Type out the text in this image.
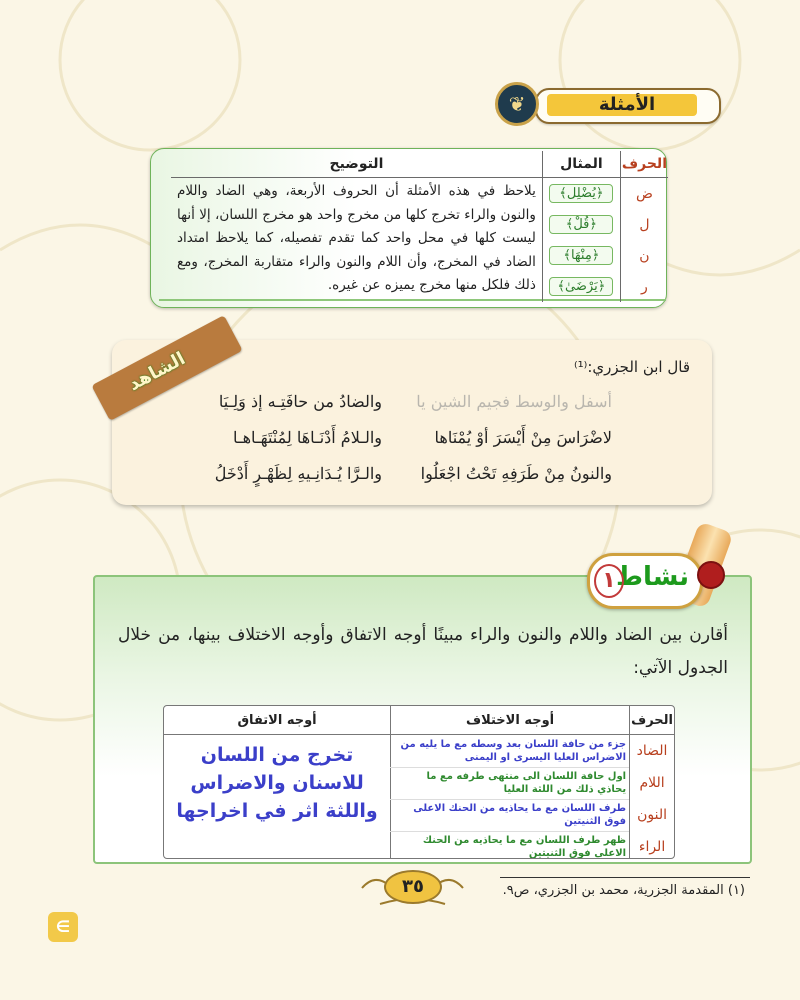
الأمثلة
❦
الحرف	المثال	التوضيح
ض	﴿يُضْلِل﴾	يلاحظ في هذه الأمثلة أن الحروف الأربعة، وهي الضاد واللام والنون والراء تخرج كلها من مخرج واحد هو مخرج اللسان، إلا أنها ليست كلها في محل واحد كما تقدم تفصيله، كما يلاحظ امتداد الضاد في المخرج، وأن اللام والنون والراء متقاربة المخرج، ومع ذلك فلكل منها مخرج يميزه عن غيره.
ل	﴿قُلْ﴾	
ن	﴿مِنْهَا﴾	
ر	﴿يَرْضَىٰ﴾	
الشاهد	قال ابن الجزري:⁽¹⁾
أسفل والوسط فجيم الشين يا
والضادُ من حافَتِـه إذ وَلِـيَا
لاضْرَاسَ مِنْ أَيْسَرَ أوْ يُمْنَاها
والـلامُ أَدْنَـاهَا لِمُنْتَهَـاهـا
والنونُ مِنْ طَرَفِهِ تَحْتُ اجْعَلُوا
والـرَّا يُـدَانِـيهِ لِظَهْـرٍ أَدْخَلُ
أقارن بين الضاد واللام والنون والراء مبينًا أوجه الاتفاق وأوجه الاختلاف بينها، من خلال الجدول الآتي:
الحرف	أوجه الاختلاف	أوجه الاتفاق
الضاد	جزء من حافة اللسان بعد وسطه مع ما يليه من الاضراس العليا اليسرى او اليمنى	تخرج من اللسان للاسنان والاضراس واللثة اثر في اخراجها

اللام	اول حافة اللسان الى منتهى طرفه مع ما يحاذي ذلك من اللثة العليا	
النون	طرف اللسان مع ما يحاذيه من الحنك الاعلى فوق الثنيتين	
الراء	ظهر طرف اللسان مع ما يحاذيه من الحنك الاعلى فوق الثنيتين	
نشاط
١
(١) المقدمة الجزرية، محمد بن الجزري، ص٩.
٣٥
∈
